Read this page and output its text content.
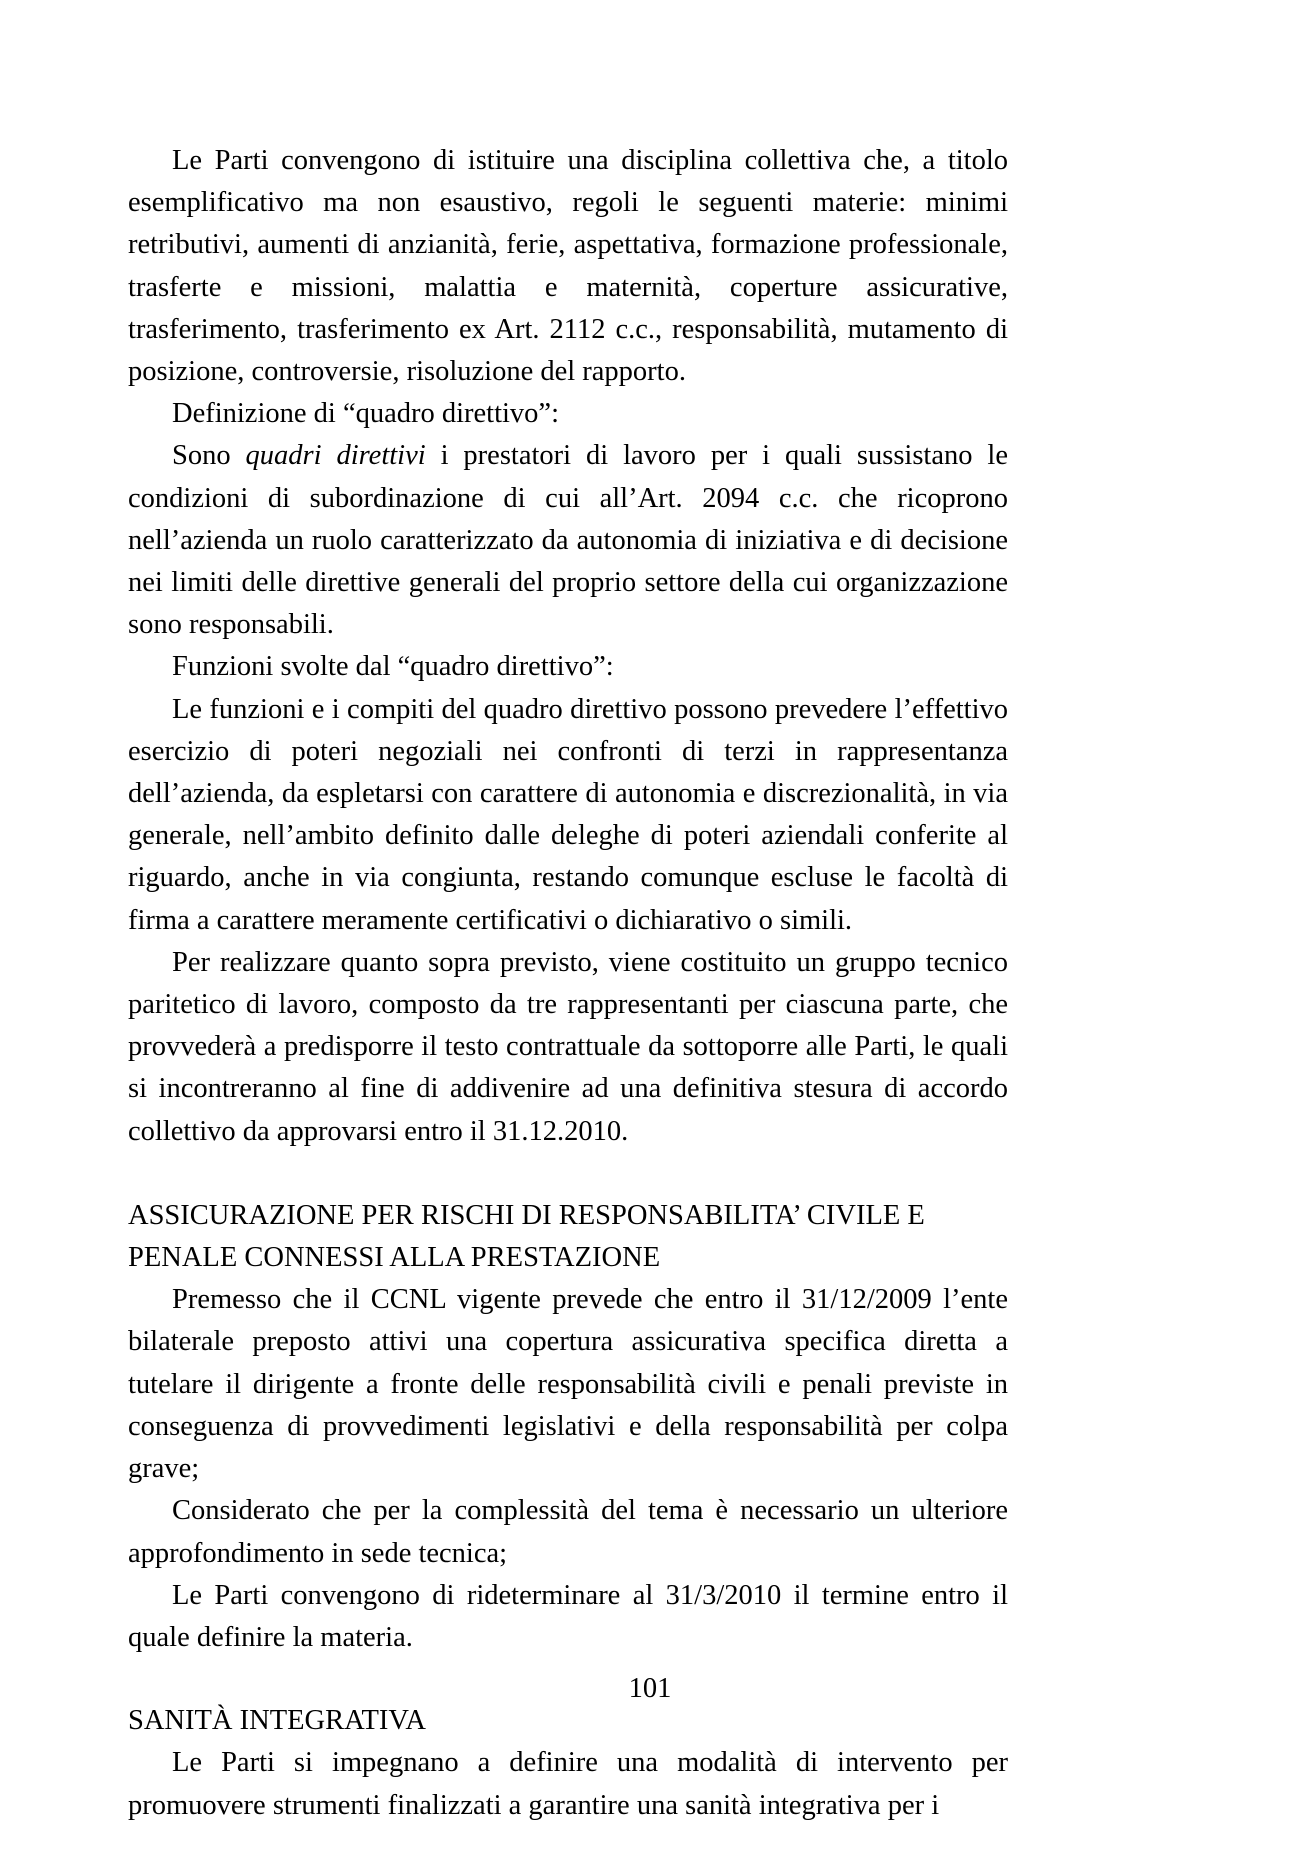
Le Parti convengono di istituire una disciplina collettiva che, a titolo esemplificativo ma non esaustivo, regoli le seguenti materie: minimi retributivi, aumenti di anzianità, ferie, aspettativa, formazione professionale, trasferte e missioni, malattia e maternità, coperture assicurative, trasferimento, trasferimento ex Art. 2112 c.c., responsabilità, mutamento di posizione, controversie, risoluzione del rapporto.

Definizione di “quadro direttivo”:

Sono quadri direttivi i prestatori di lavoro per i quali sussistano le condizioni di subordinazione di cui all’Art. 2094 c.c. che ricoprono nell’azienda un ruolo caratterizzato da autonomia di iniziativa e di decisione nei limiti delle direttive generali del proprio settore della cui organizzazione sono responsabili.

Funzioni svolte dal “quadro direttivo”:

Le funzioni e i compiti del quadro direttivo possono prevedere l’effettivo esercizio di poteri negoziali nei confronti di terzi in rappresentanza dell’azienda, da espletarsi con carattere di autonomia e discrezionalità, in via generale, nell’ambito definito dalle deleghe di poteri aziendali conferite al riguardo, anche in via congiunta, restando comunque escluse le facoltà di firma a carattere meramente certificativi o dichiarativo o simili.

Per realizzare quanto sopra previsto, viene costituito un gruppo tecnico paritetico di lavoro, composto da tre rappresentanti per ciascuna parte, che provvederà a predisporre il testo contrattuale da sottoporre alle Parti, le quali si incontreranno al fine di addivenire ad una definitiva stesura di accordo collettivo da approvarsi entro il 31.12.2010.

ASSICURAZIONE PER RISCHI DI RESPONSABILITA’ CIVILE E PENALE CONNESSI ALLA PRESTAZIONE

Premesso che il CCNL vigente prevede che entro il 31/12/2009 l’ente bilaterale preposto attivi una copertura assicurativa specifica diretta a tutelare il dirigente a fronte delle responsabilità civili e penali previste in conseguenza di provvedimenti legislativi e della responsabilità per colpa grave;

Considerato che per la complessità del tema è necessario un ulteriore approfondimento in sede tecnica;

Le Parti convengono di rideterminare al 31/3/2010 il termine entro il quale definire la materia.

SANITÀ INTEGRATIVA

Le Parti si impegnano a definire una modalità di intervento per promuovere strumenti finalizzati a garantire una sanità integrativa per i

101
